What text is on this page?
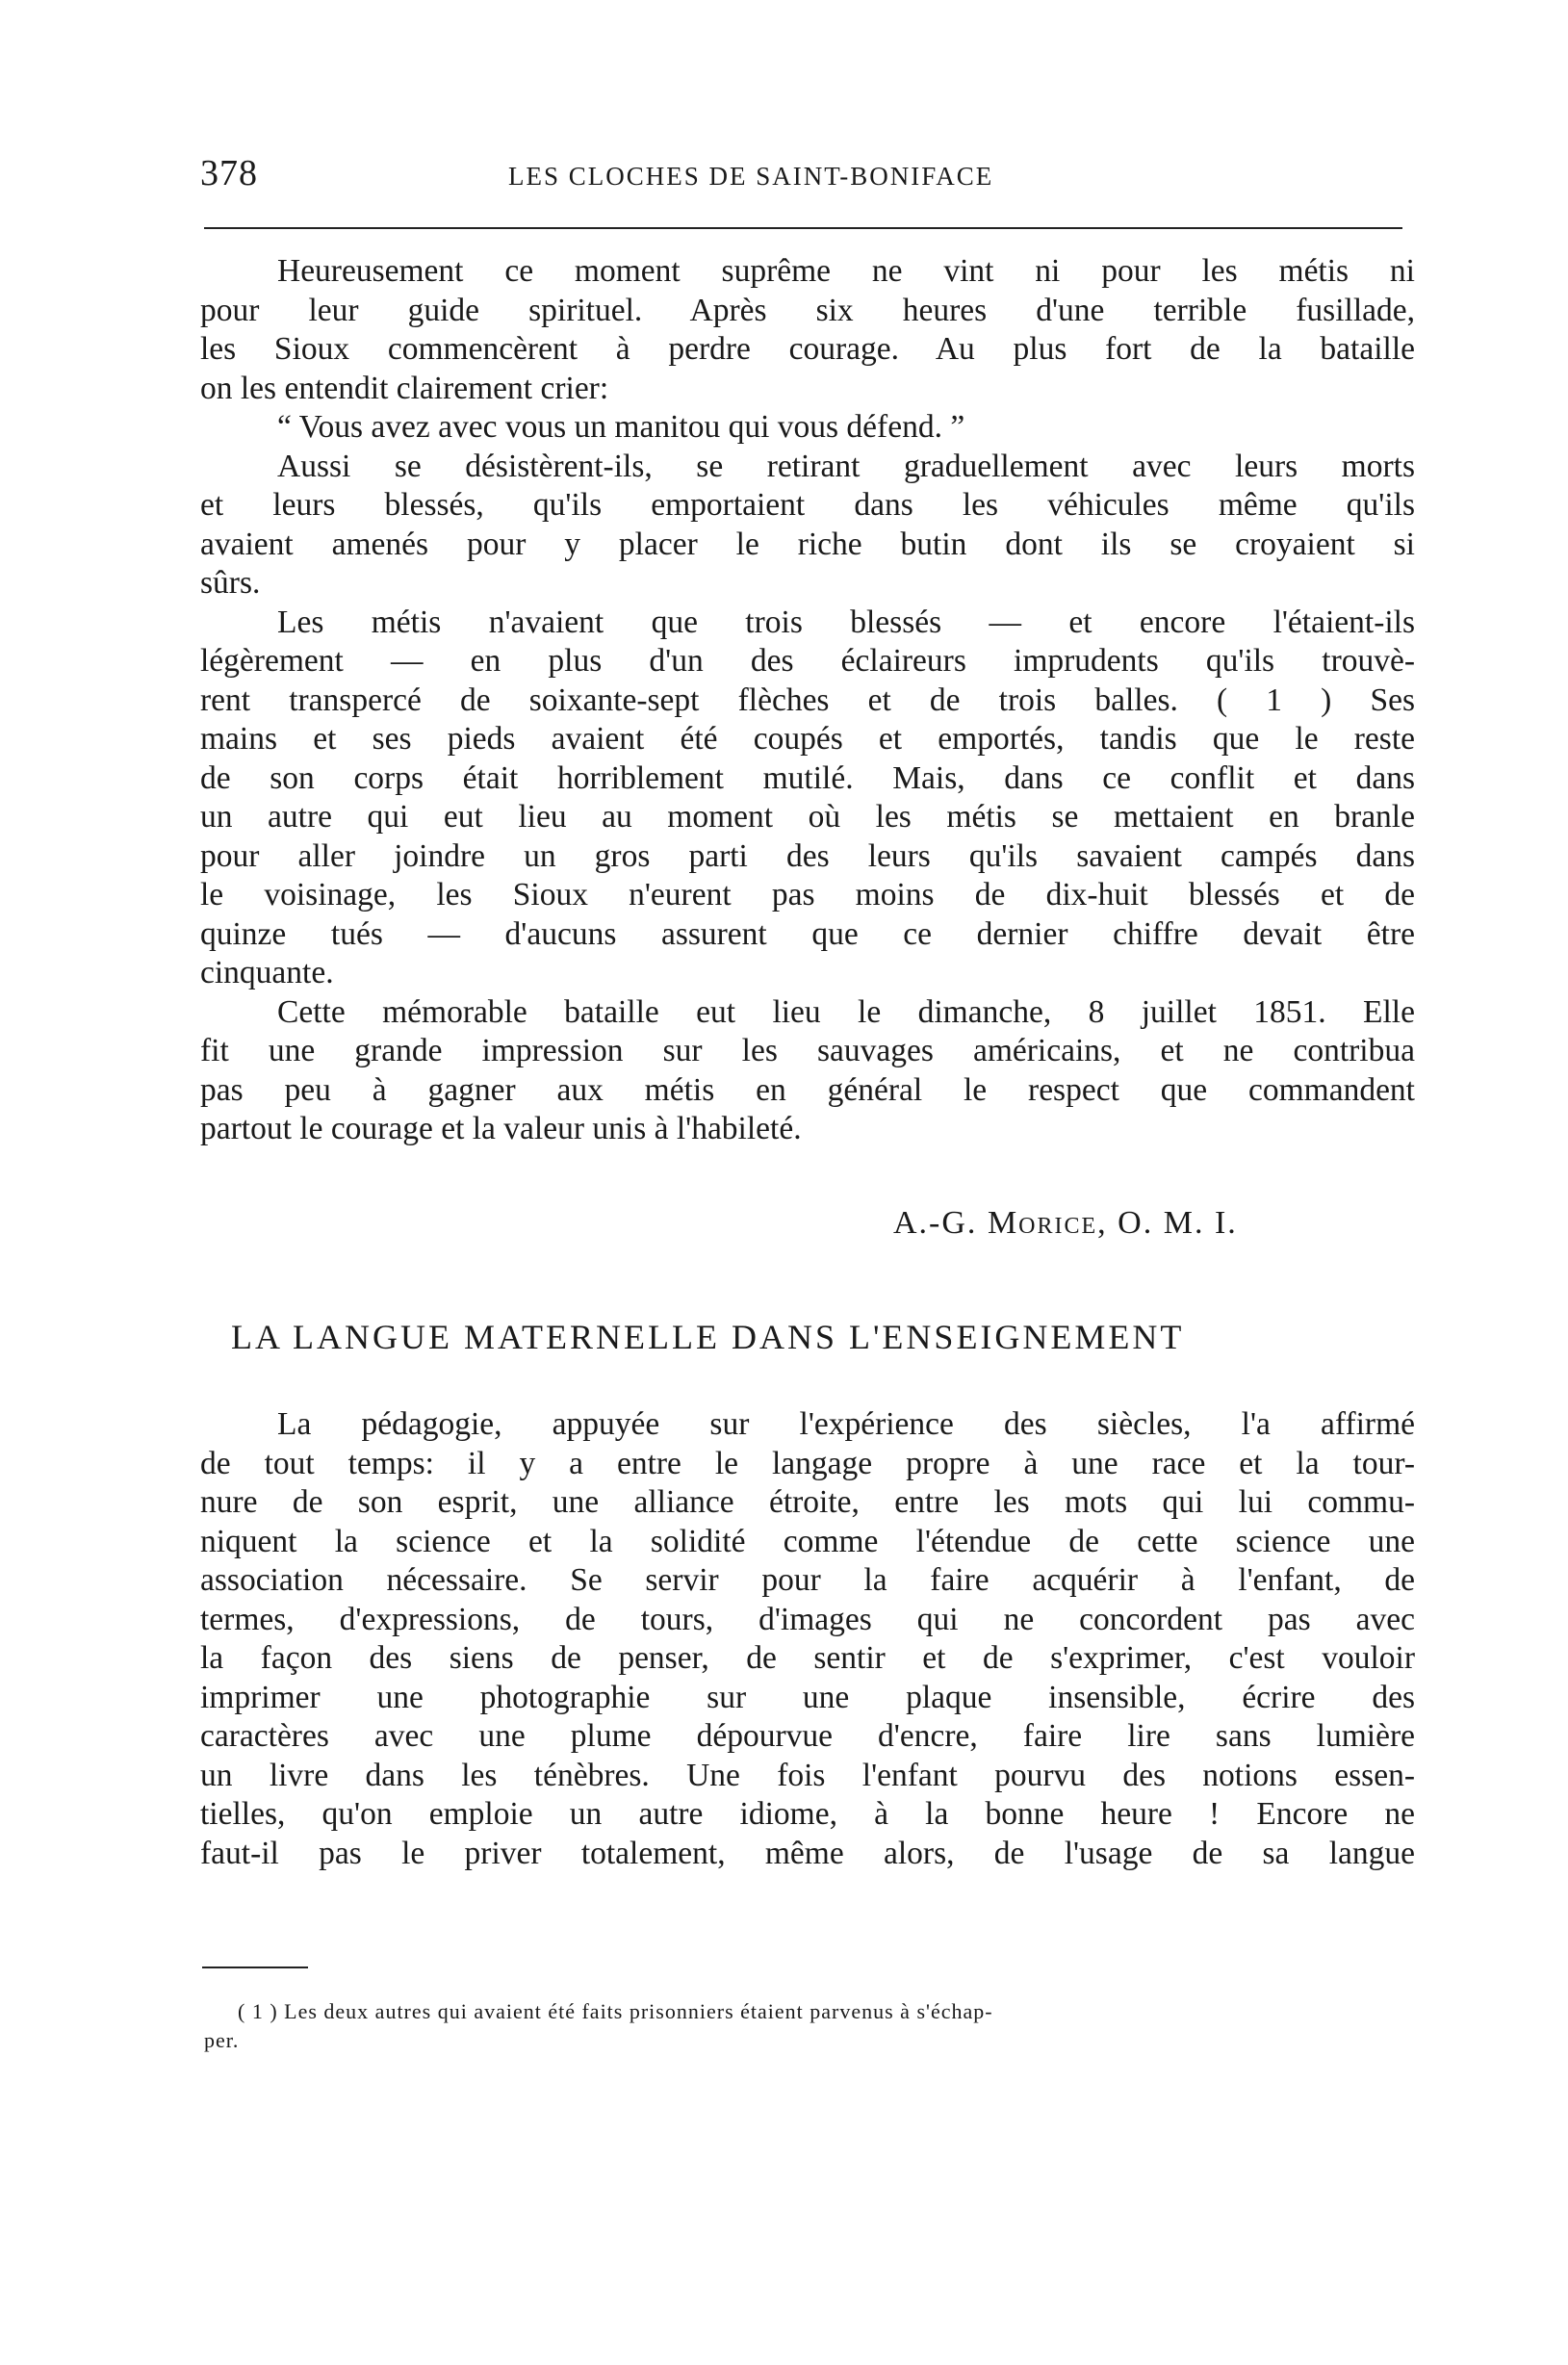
378	LES CLOCHES DE SAINT-BONIFACE
Heureusement ce moment suprême ne vint ni pour les métis ni
pour leur guide spirituel. Après six heures d'une terrible fusillade,
les Sioux commencèrent à perdre courage. Au plus fort de la bataille
on les entendit clairement crier:
“ Vous avez avec vous un manitou qui vous défend. ”
Aussi se désistèrent-ils, se retirant graduellement avec leurs morts
et leurs blessés, qu'ils emportaient dans les véhicules même qu'ils
avaient amenés pour y placer le riche butin dont ils se croyaient si
sûrs.
Les métis n'avaient que trois blessés — et encore l'étaient-ils
légèrement — en plus d'un des éclaireurs imprudents qu'ils trouvè-
rent transpercé de soixante-sept flèches et de trois balles. ( 1 ) Ses
mains et ses pieds avaient été coupés et emportés, tandis que le reste
de son corps était horriblement mutilé. Mais, dans ce conflit et dans
un autre qui eut lieu au moment où les métis se mettaient en branle
pour aller joindre un gros parti des leurs qu'ils savaient campés dans
le voisinage, les Sioux n'eurent pas moins de dix-huit blessés et de
quinze tués — d'aucuns assurent que ce dernier chiffre devait être
cinquante.
Cette mémorable bataille eut lieu le dimanche, 8 juillet 1851. Elle
fit une grande impression sur les sauvages américains, et ne contribua
pas peu à gagner aux métis en général le respect que commandent
partout le courage et la valeur unis à l'habileté.
A.-G. Morice, O. M. I.
LA LANGUE MATERNELLE DANS L'ENSEIGNEMENT
La pédagogie, appuyée sur l'expérience des siècles, l'a affirmé
de tout temps: il y a entre le langage propre à une race et la tour-
nure de son esprit, une alliance étroite, entre les mots qui lui commu-
niquent la science et la solidité comme l'étendue de cette science une
association nécessaire. Se servir pour la faire acquérir à l'enfant, de
termes, d'expressions, de tours, d'images qui ne concordent pas avec
la façon des siens de penser, de sentir et de s'exprimer, c'est vouloir
imprimer une photographie sur une plaque insensible, écrire des
caractères avec une plume dépourvue d'encre, faire lire sans lumière
un livre dans les ténèbres. Une fois l'enfant pourvu des notions essen-
tielles, qu'on emploie un autre idiome, à la bonne heure ! Encore ne
faut-il pas le priver totalement, même alors, de l'usage de sa langue
( 1 ) Les deux autres qui avaient été faits prisonniers étaient parvenus à s'échap-
per.
